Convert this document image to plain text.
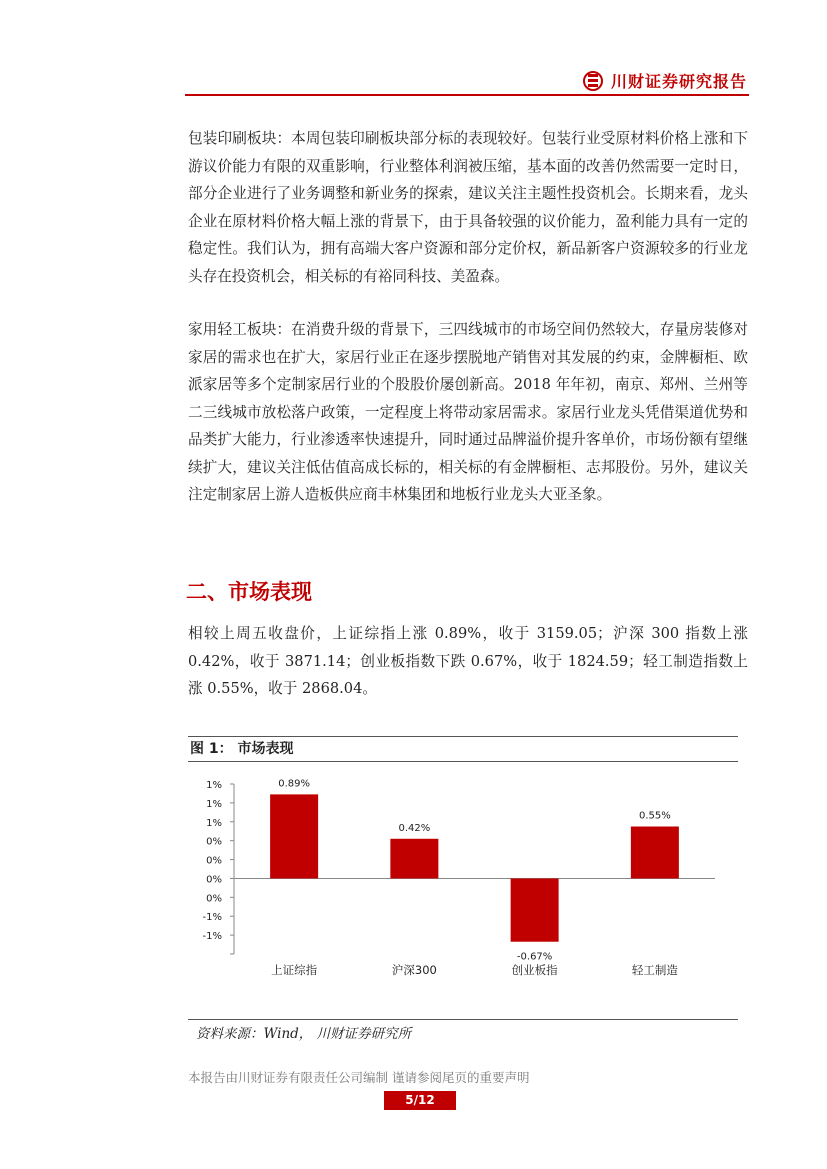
川财证券研究报告

包装印刷板块：本周包装印刷板块部分标的表现较好。包装行业受原材料价格上涨和下游议价能力有限的双重影响，行业整体利润被压缩，基本面的改善仍然需要一定时日，部分企业进行了业务调整和新业务的探索，建议关注主题性投资机会。长期来看，龙头企业在原材料价格大幅上涨的背景下，由于具备较强的议价能力，盈利能力具有一定的稳定性。我们认为，拥有高端大客户资源和部分定价权，新品新客户资源较多的行业龙头存在投资机会，相关标的有裕同科技、美盈森。

家用轻工板块：在消费升级的背景下，三四线城市的市场空间仍然较大，存量房装修对家居的需求也在扩大，家居行业正在逐步摆脱地产销售对其发展的约束，金牌橱柜、欧派家居等多个定制家居行业的个股股价屡创新高。2018 年年初，南京、郑州、兰州等二三线城市放松落户政策，一定程度上将带动家居需求。家居行业龙头凭借渠道优势和品类扩大能力，行业渗透率快速提升，同时通过品牌溢价提升客单价，市场份额有望继续扩大，建议关注低估值高成长标的，相关标的有金牌橱柜、志邦股份。另外，建议关注定制家居上游人造板供应商丰林集团和地板行业龙头大亚圣象。

二、市场表现

相较上周五收盘价，上证综指上涨 0.89%，收于 3159.05；沪深 300 指数上涨 0.42%，收于 3871.14；创业板指数下跌 0.67%，收于 1824.59；轻工制造指数上涨 0.55%，收于 2868.04。

图 1： 市场表现
1%
1%
1%
0%
0%
0%
0%
-1%
-1%
0.89%
上证综指
0.42%
沪深300
-0.67%
创业板指
0.55%
轻工制造
资料来源：Wind， 川财证券研究所
本报告由川财证券有限责任公司编制 谨请参阅尾页的重要声明
5/12
